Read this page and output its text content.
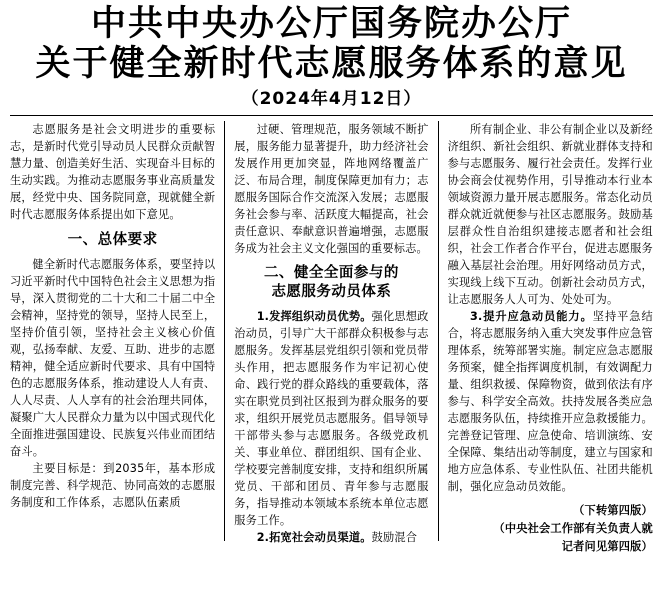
中共中央办公厅国务院办公厅
关于健全新时代志愿服务体系的意见
（2024年4月12日）

志愿服务是社会文明进步的重要标志，是新时代党引导动员人民群众贡献智慧力量、创造美好生活、实现奋斗目标的生动实践。为推动志愿服务事业高质量发展，经党中央、国务院同意，现就健全新时代志愿服务体系提出如下意见。

一、总体要求

健全新时代志愿服务体系，要坚持以习近平新时代中国特色社会主义思想为指导，深入贯彻党的二十大和二十届二中全会精神，坚持党的领导，坚持人民至上，坚持价值引领，坚持社会主义核心价值观，弘扬奉献、友爱、互助、进步的志愿精神，健全适应新时代要求、具有中国特色的志愿服务体系，推动建设人人有责、人人尽责、人人享有的社会治理共同体，凝聚广大人民群众力量为以中国式现代化全面推进强国建设、民族复兴伟业而团结奋斗。

主要目标是：到2035年，基本形成制度完善、科学规范、协同高效的志愿服务制度和工作体系，志愿队伍素质

过硬、管理规范，服务领域不断扩展，服务能力显著提升，助力经济社会发展作用更加突显，阵地网络覆盖广泛、布局合理，制度保障更加有力；志愿服务国际合作交流深入发展；志愿服务社会参与率、活跃度大幅提高，社会责任意识、奉献意识普遍增强，志愿服务成为社会主义文化强国的重要标志。

二、健全全面参与的
志愿服务动员体系

1.发挥组织动员优势。强化思想政治动员，引导广大干部群众积极参与志愿服务。发挥基层党组织引领和党员带头作用，把志愿服务作为牢记初心使命、践行党的群众路线的重要载体，落实在职党员到社区报到为群众服务的要求，组织开展党员志愿服务。倡导领导干部带头参与志愿服务。各级党政机关、事业单位、群团组织、国有企业、学校要完善制度安排，支持和组织所属党员、干部和团员、青年参与志愿服务，指导推动本领域本系统本单位志愿服务工作。

2.拓宽社会动员渠道。鼓励混合

所有制企业、非公有制企业以及新经济组织、新社会组织、新就业群体支持和参与志愿服务、履行社会责任。发挥行业协会商会仗视势作用，引导推动本行业本领域资源力量开展志愿服务。常态化动员群众就近就便参与社区志愿服务。鼓励基层群众性自治组织建接志愿者和社会组织，社会工作者合作平台，促进志愿服务融入基层社会治理。用好网络动员方式，实现线上线下互动。创新社会动员方式，让志愿服务人人可为、处处可为。

3.提升应急动员能力。坚持平急结合，将志愿服务纳入重大突发事件应急管理体系，统筹部署实施。制定应急志愿服务预案，健全指挥调度机制，有效调配力量、组织救援、保障物资，做到依法有序参与、科学安全高效。扶持发展各类应急志愿服务队伍，持续推开应急救援能力。完善登记管理、应急使命、培训演练、安全保障、集结出动等制度，建立与国家和地方应急体系、专业性队伍、社团共能机制，强化应急动员效能。

（下转第四版）
（中央社会工作部有关负责人就
记者问见第四版）
